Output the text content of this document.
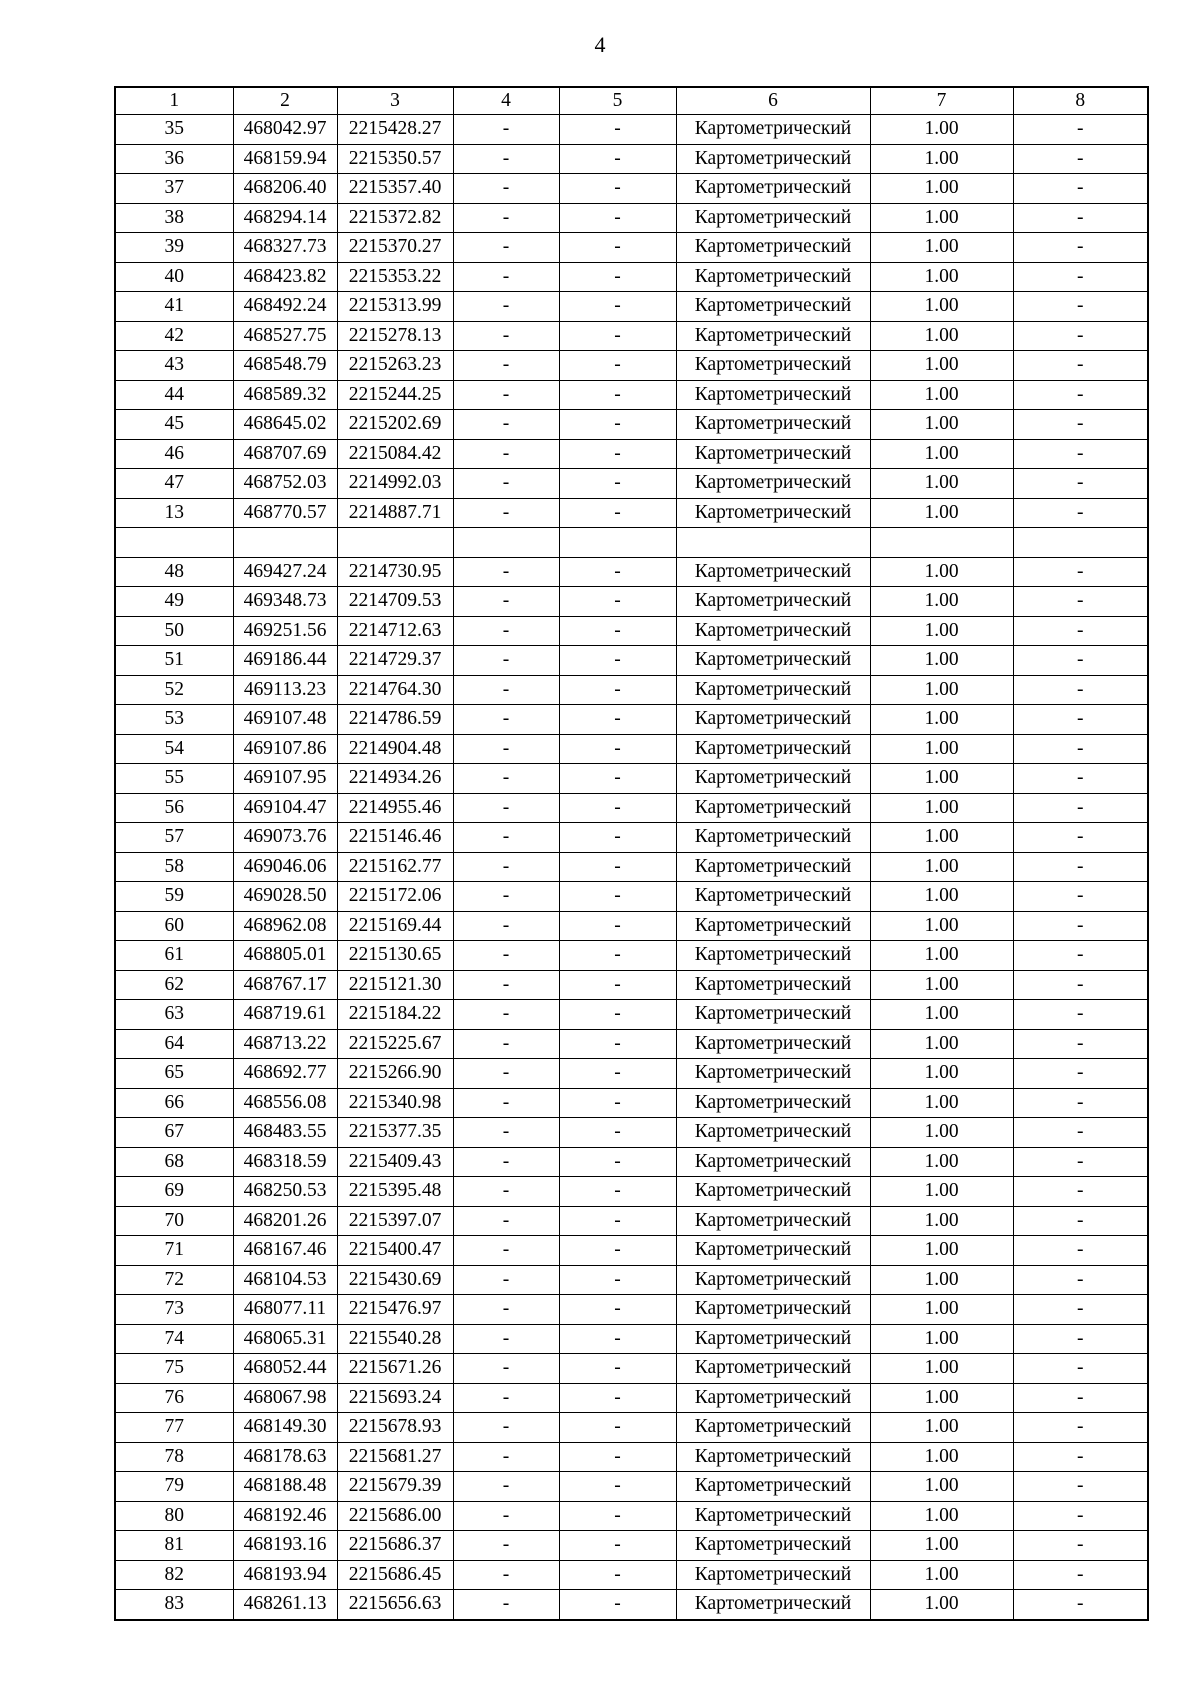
4
1	2	3	4	5	6	7	8
35	468042.97	2215428.27	-	-	Картометрический	1.00	-
36	468159.94	2215350.57	-	-	Картометрический	1.00	-
37	468206.40	2215357.40	-	-	Картометрический	1.00	-
38	468294.14	2215372.82	-	-	Картометрический	1.00	-
39	468327.73	2215370.27	-	-	Картометрический	1.00	-
40	468423.82	2215353.22	-	-	Картометрический	1.00	-
41	468492.24	2215313.99	-	-	Картометрический	1.00	-
42	468527.75	2215278.13	-	-	Картометрический	1.00	-
43	468548.79	2215263.23	-	-	Картометрический	1.00	-
44	468589.32	2215244.25	-	-	Картометрический	1.00	-
45	468645.02	2215202.69	-	-	Картометрический	1.00	-
46	468707.69	2215084.42	-	-	Картометрический	1.00	-
47	468752.03	2214992.03	-	-	Картометрический	1.00	-
13	468770.57	2214887.71	-	-	Картометрический	1.00	-

48	469427.24	2214730.95	-	-	Картометрический	1.00	-
49	469348.73	2214709.53	-	-	Картометрический	1.00	-
50	469251.56	2214712.63	-	-	Картометрический	1.00	-
51	469186.44	2214729.37	-	-	Картометрический	1.00	-
52	469113.23	2214764.30	-	-	Картометрический	1.00	-
53	469107.48	2214786.59	-	-	Картометрический	1.00	-
54	469107.86	2214904.48	-	-	Картометрический	1.00	-
55	469107.95	2214934.26	-	-	Картометрический	1.00	-
56	469104.47	2214955.46	-	-	Картометрический	1.00	-
57	469073.76	2215146.46	-	-	Картометрический	1.00	-
58	469046.06	2215162.77	-	-	Картометрический	1.00	-
59	469028.50	2215172.06	-	-	Картометрический	1.00	-
60	468962.08	2215169.44	-	-	Картометрический	1.00	-
61	468805.01	2215130.65	-	-	Картометрический	1.00	-
62	468767.17	2215121.30	-	-	Картометрический	1.00	-
63	468719.61	2215184.22	-	-	Картометрический	1.00	-
64	468713.22	2215225.67	-	-	Картометрический	1.00	-
65	468692.77	2215266.90	-	-	Картометрический	1.00	-
66	468556.08	2215340.98	-	-	Картометрический	1.00	-
67	468483.55	2215377.35	-	-	Картометрический	1.00	-
68	468318.59	2215409.43	-	-	Картометрический	1.00	-
69	468250.53	2215395.48	-	-	Картометрический	1.00	-
70	468201.26	2215397.07	-	-	Картометрический	1.00	-
71	468167.46	2215400.47	-	-	Картометрический	1.00	-
72	468104.53	2215430.69	-	-	Картометрический	1.00	-
73	468077.11	2215476.97	-	-	Картометрический	1.00	-
74	468065.31	2215540.28	-	-	Картометрический	1.00	-
75	468052.44	2215671.26	-	-	Картометрический	1.00	-
76	468067.98	2215693.24	-	-	Картометрический	1.00	-
77	468149.30	2215678.93	-	-	Картометрический	1.00	-
78	468178.63	2215681.27	-	-	Картометрический	1.00	-
79	468188.48	2215679.39	-	-	Картометрический	1.00	-
80	468192.46	2215686.00	-	-	Картометрический	1.00	-
81	468193.16	2215686.37	-	-	Картометрический	1.00	-
82	468193.94	2215686.45	-	-	Картометрический	1.00	-
83	468261.13	2215656.63	-	-	Картометрический	1.00	-
